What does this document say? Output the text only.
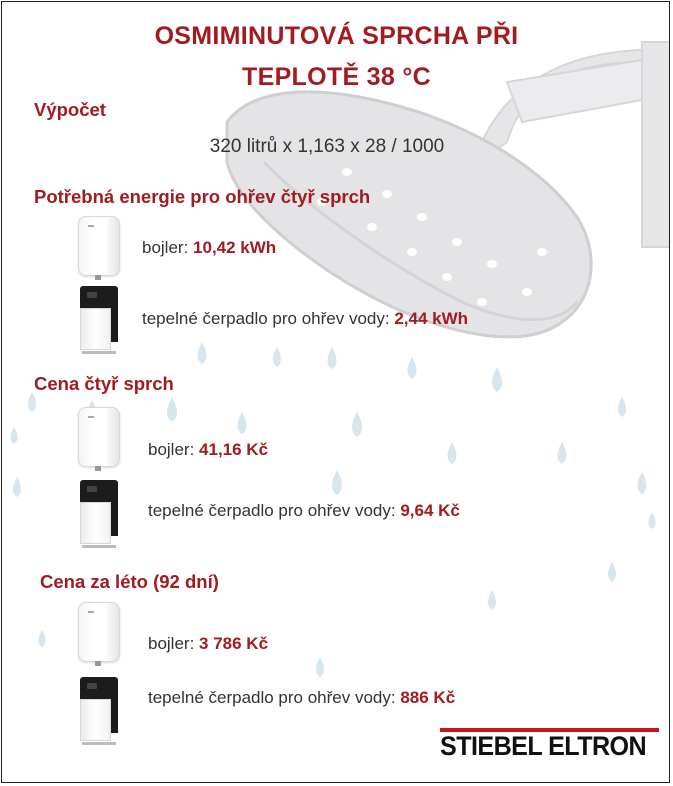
OSMIMINUTOVÁ SPRCHA PŘI
TEPLOTĚ 38 °C
Výpočet
320 litrů x 1,163 x 28 / 1000
Potřebná energie pro ohřev čtyř sprch
bojler: 10,42 kWh
tepelné čerpadlo pro ohřev vody: 2,44 kWh
Cena čtyř sprch
bojler: 41,16 Kč
tepelné čerpadlo pro ohřev vody: 9,64 Kč
Cena za léto (92 dní)
bojler: 3 786 Kč
tepelné čerpadlo pro ohřev vody: 886 Kč
STIEBEL ELTRON
